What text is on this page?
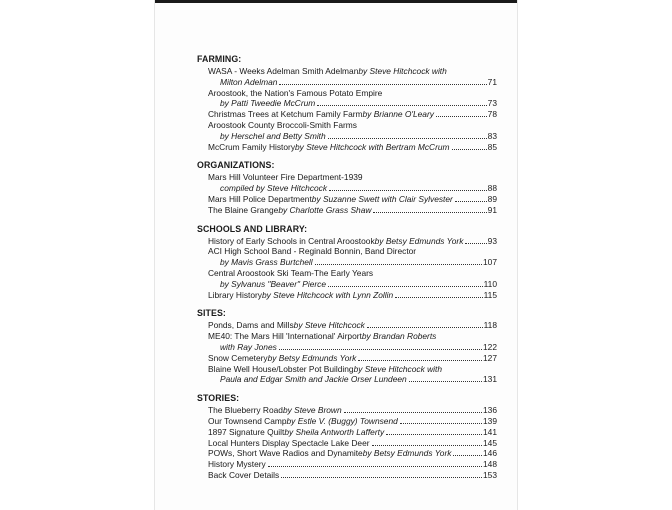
FARMING:
WASA - Weeks Adelman Smith Adelman by Steve Hitchcock with
Milton Adelman	71
Aroostook, the Nation's Famous Potato Empire
by Patti Tweedie McCrum	73
Christmas Trees at Ketchum Family Farm by Brianne O'Leary	78
Aroostook County Broccoli-Smith Farms
by Herschel and Betty Smith	83
McCrum Family History by Steve Hitchcock with Bertram McCrum	85
ORGANIZATIONS:
Mars Hill Volunteer Fire Department-1939
compiled by Steve Hitchcock	88
Mars Hill Police Department by Suzanne Swett with Clair Sylvester	89
The Blaine Grange by Charlotte Grass Shaw	91
SCHOOLS AND LIBRARY:
History of Early Schools in Central Aroostook by Betsy Edmunds York	93
ACI High School Band - Reginald Bonnin, Band Director
by Mavis Grass Burtchell	107
Central Aroostook Ski Team-The Early Years
by Sylvanus "Beaver" Pierce	110
Library History by Steve Hitchcock with Lynn Zollin	115
SITES:
Ponds, Dams and Mills by Steve Hitchcock	118
ME40: The Mars Hill 'International' Airport by Brandan Roberts
with Ray Jones	122
Snow Cemetery by Betsy Edmunds York	127
Blaine Well House/Lobster Pot Building by Steve Hitchcock with
Paula and Edgar Smith and Jackie Orser Lundeen	131
STORIES:
The Blueberry Road by Steve Brown	136
Our Townsend Camp by Estle V. (Buggy) Townsend	139
1897 Signature Quilt by Sheila Antworth Lafferty	141
Local Hunters Display Spectacle Lake Deer	145
POWs, Short Wave Radios and Dynamite by Betsy Edmunds York	146
History Mystery	148
Back Cover Details	153
